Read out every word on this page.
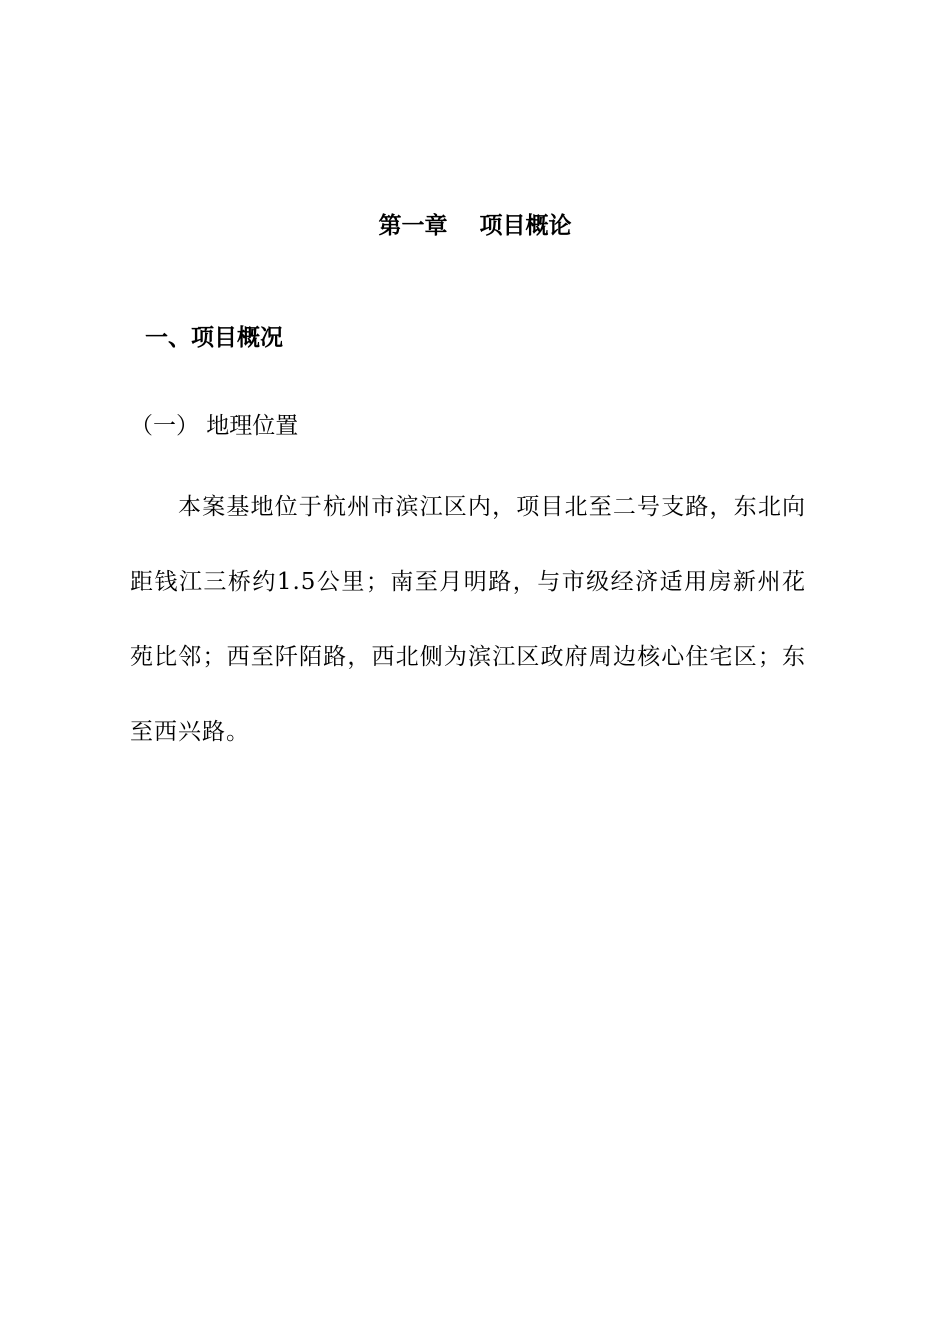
第一章    项目概论
一、项目概况
（一） 地理位置

本案基地位于杭州市滨江区内，项目北至二号支路，东北向距钱江三桥约1.5公里；南至月明路，与市级经济适用房新州花苑比邻；西至阡陌路，西北侧为滨江区政府周边核心住宅区；东至西兴路。
